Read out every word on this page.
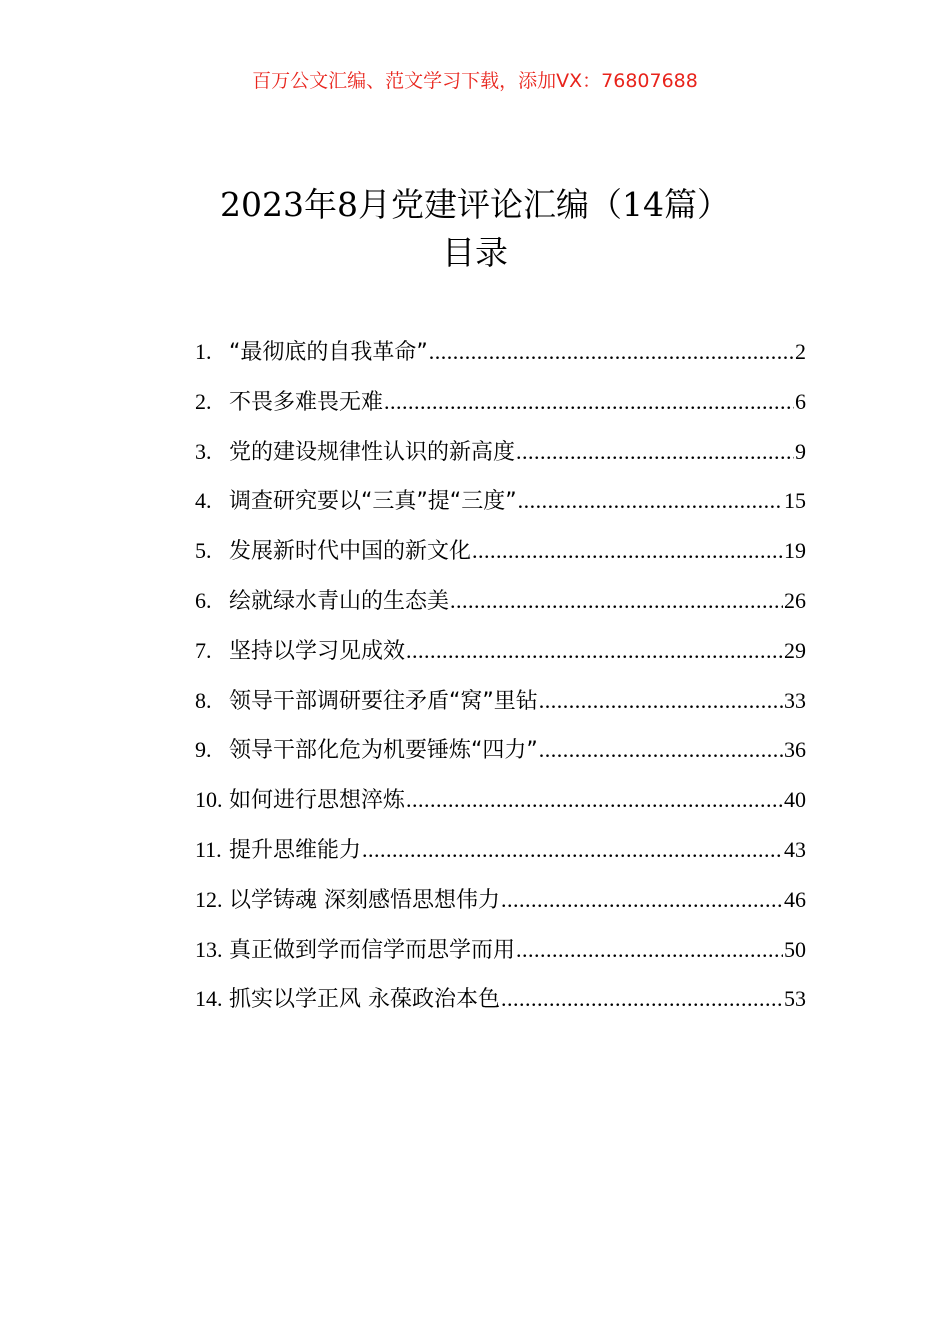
百万公文汇编、范文学习下载，添加VX：76807688
2023年8月党建评论汇编（14篇）
目录
1. “最彻底的自我革命” .....	2
2. 不畏多难畏无难 .....	6
3. 党的建设规律性认识的新高度 .....	9
4. 调查研究要以“三真”提“三度” .....	15
5. 发展新时代中国的新文化 .....	19
6. 绘就绿水青山的生态美 .....	26
7. 坚持以学习见成效 .....	29
8. 领导干部调研要往矛盾“窝”里钻 .....	33
9. 领导干部化危为机要锤炼“四力” .....	36
10. 如何进行思想淬炼 .....	40
11. 提升思维能力 .....	43
12. 以学铸魂 深刻感悟思想伟力 .....	46
13. 真正做到学而信学而思学而用 .....	50
14. 抓实以学正风 永葆政治本色 .....	53
